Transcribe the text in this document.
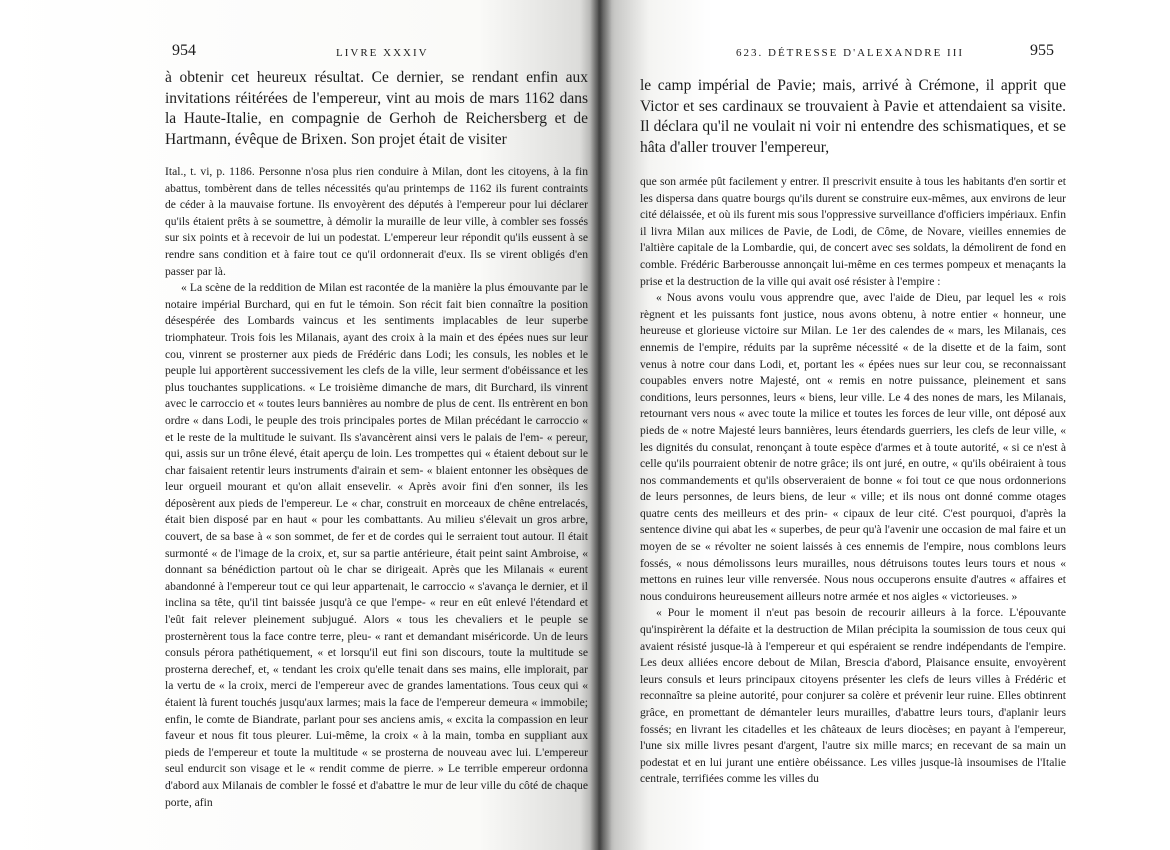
954	LIVRE XXXIV

à obtenir cet heureux résultat. Ce dernier, se rendant enfin aux invitations réitérées de l'empereur, vint au mois de mars 1162 dans la Haute-Italie, en compagnie de Gerhoh de Reichersberg et de Hartmann, évêque de Brixen. Son projet était de visiter

Ital., t. vi, p. 1186. Personne n'osa plus rien conduire à Milan, dont les citoyens, à la fin abattus, tombèrent dans de telles nécessités qu'au printemps de 1162 ils furent contraints de céder à la mauvaise fortune. Ils envoyèrent des députés à l'empereur pour lui déclarer qu'ils étaient prêts à se soumettre, à démolir la muraille de leur ville, à combler ses fossés sur six points et à recevoir de lui un podestat. L'empereur leur répondit qu'ils eussent à se rendre sans condition et à faire tout ce qu'il ordonnerait d'eux. Ils se virent obligés d'en passer par là.

« La scène de la reddition de Milan est racontée de la manière la plus émouvante par le notaire impérial Burchard, qui en fut le témoin. Son récit fait bien connaître la position désespérée des Lombards vaincus et les sentiments implacables de leur superbe triomphateur. Trois fois les Milanais, ayant des croix à la main et des épées nues sur leur cou, vinrent se prosterner aux pieds de Frédéric dans Lodi; les consuls, les nobles et le peuple lui apportèrent successivement les clefs de la ville, leur serment d'obéissance et les plus touchantes supplications. « Le troisième dimanche de mars, dit Burchard, ils vinrent avec le carroccio et « toutes leurs bannières au nombre de plus de cent. Ils entrèrent en bon ordre « dans Lodi, le peuple des trois principales portes de Milan précédant le carroccio « et le reste de la multitude le suivant. Ils s'avancèrent ainsi vers le palais de l'em- « pereur, qui, assis sur un trône élevé, était aperçu de loin. Les trompettes qui « étaient debout sur le char faisaient retentir leurs instruments d'airain et sem- « blaient entonner les obsèques de leur orgueil mourant et qu'on allait ensevelir. « Après avoir fini d'en sonner, ils les déposèrent aux pieds de l'empereur. Le « char, construit en morceaux de chêne entrelacés, était bien disposé par en haut « pour les combattants. Au milieu s'élevait un gros arbre, couvert, de sa base à « son sommet, de fer et de cordes qui le serraient tout autour. Il était surmonté « de l'image de la croix, et, sur sa partie antérieure, était peint saint Ambroise, « donnant sa bénédiction partout où le char se dirigeait. Après que les Milanais « eurent abandonné à l'empereur tout ce qui leur appartenait, le carroccio « s'avança le dernier, et il inclina sa tête, qu'il tint baissée jusqu'à ce que l'empe- « reur en eût enlevé l'étendard et l'eût fait relever pleinement subjugué. Alors « tous les chevaliers et le peuple se prosternèrent tous la face contre terre, pleu- « rant et demandant miséricorde. Un de leurs consuls pérora pathétiquement, « et lorsqu'il eut fini son discours, toute la multitude se prosterna derechef, et, « tendant les croix qu'elle tenait dans ses mains, elle implorait, par la vertu de « la croix, merci de l'empereur avec de grandes lamentations. Tous ceux qui « étaient là furent touchés jusqu'aux larmes; mais la face de l'empereur demeura « immobile; enfin, le comte de Biandrate, parlant pour ses anciens amis, « excita la compassion en leur faveur et nous fit tous pleurer. Lui-même, la croix « à la main, tomba en suppliant aux pieds de l'empereur et toute la multitude « se prosterna de nouveau avec lui. L'empereur seul endurcit son visage et le « rendit comme de pierre. » Le terrible empereur ordonna d'abord aux Milanais de combler le fossé et d'abattre le mur de leur ville du côté de chaque porte, afin

623. DÉTRESSE D'ALEXANDRE III	955

le camp impérial de Pavie; mais, arrivé à Crémone, il apprit que Victor et ses cardinaux se trouvaient à Pavie et attendaient sa visite. Il déclara qu'il ne voulait ni voir ni entendre des schismatiques, et se hâta d'aller trouver l'empereur,

que son armée pût facilement y entrer. Il prescrivit ensuite à tous les habitants d'en sortir et les dispersa dans quatre bourgs qu'ils durent se construire eux-mêmes, aux environs de leur cité délaissée, et où ils furent mis sous l'oppressive surveillance d'officiers impériaux. Enfin il livra Milan aux milices de Pavie, de Lodi, de Côme, de Novare, vieilles ennemies de l'altière capitale de la Lombardie, qui, de concert avec ses soldats, la démolirent de fond en comble. Frédéric Barberousse annonçait lui-même en ces termes pompeux et menaçants la prise et la destruction de la ville qui avait osé résister à l'empire :

« Nous avons voulu vous apprendre que, avec l'aide de Dieu, par lequel les « rois règnent et les puissants font justice, nous avons obtenu, à notre entier « honneur, une heureuse et glorieuse victoire sur Milan. Le 1er des calendes de « mars, les Milanais, ces ennemis de l'empire, réduits par la suprême nécessité « de la disette et de la faim, sont venus à notre cour dans Lodi, et, portant les « épées nues sur leur cou, se reconnaissant coupables envers notre Majesté, ont « remis en notre puissance, pleinement et sans conditions, leurs personnes, leurs « biens, leur ville. Le 4 des nones de mars, les Milanais, retournant vers nous « avec toute la milice et toutes les forces de leur ville, ont déposé aux pieds de « notre Majesté leurs bannières, leurs étendards guerriers, les clefs de leur ville, « les dignités du consulat, renonçant à toute espèce d'armes et à toute autorité, « si ce n'est à celle qu'ils pourraient obtenir de notre grâce; ils ont juré, en outre, « qu'ils obéiraient à tous nos commandements et qu'ils observeraient de bonne « foi tout ce que nous ordonnerions de leurs personnes, de leurs biens, de leur « ville; et ils nous ont donné comme otages quatre cents des meilleurs et des prin- « cipaux de leur cité. C'est pourquoi, d'après la sentence divine qui abat les « superbes, de peur qu'à l'avenir une occasion de mal faire et un moyen de se « révolter ne soient laissés à ces ennemis de l'empire, nous comblons leurs fossés, « nous démolissons leurs murailles, nous détruisons toutes leurs tours et nous « mettons en ruines leur ville renversée. Nous nous occuperons ensuite d'autres « affaires et nous conduirons heureusement ailleurs notre armée et nos aigles « victorieuses. »

« Pour le moment il n'eut pas besoin de recourir ailleurs à la force. L'épouvante qu'inspirèrent la défaite et la destruction de Milan précipita la soumission de tous ceux qui avaient résisté jusque-là à l'empereur et qui espéraient se rendre indépendants de l'empire. Les deux alliées encore debout de Milan, Brescia d'abord, Plaisance ensuite, envoyèrent leurs consuls et leurs principaux citoyens présenter les clefs de leurs villes à Frédéric et reconnaître sa pleine autorité, pour conjurer sa colère et prévenir leur ruine. Elles obtinrent grâce, en promettant de démanteler leurs murailles, d'abattre leurs tours, d'aplanir leurs fossés; en livrant les citadelles et les châteaux de leurs diocèses; en payant à l'empereur, l'une six mille livres pesant d'argent, l'autre six mille marcs; en recevant de sa main un podestat et en lui jurant une entière obéissance. Les villes jusque-là insoumises de l'Italie centrale, terrifiées comme les villes du
